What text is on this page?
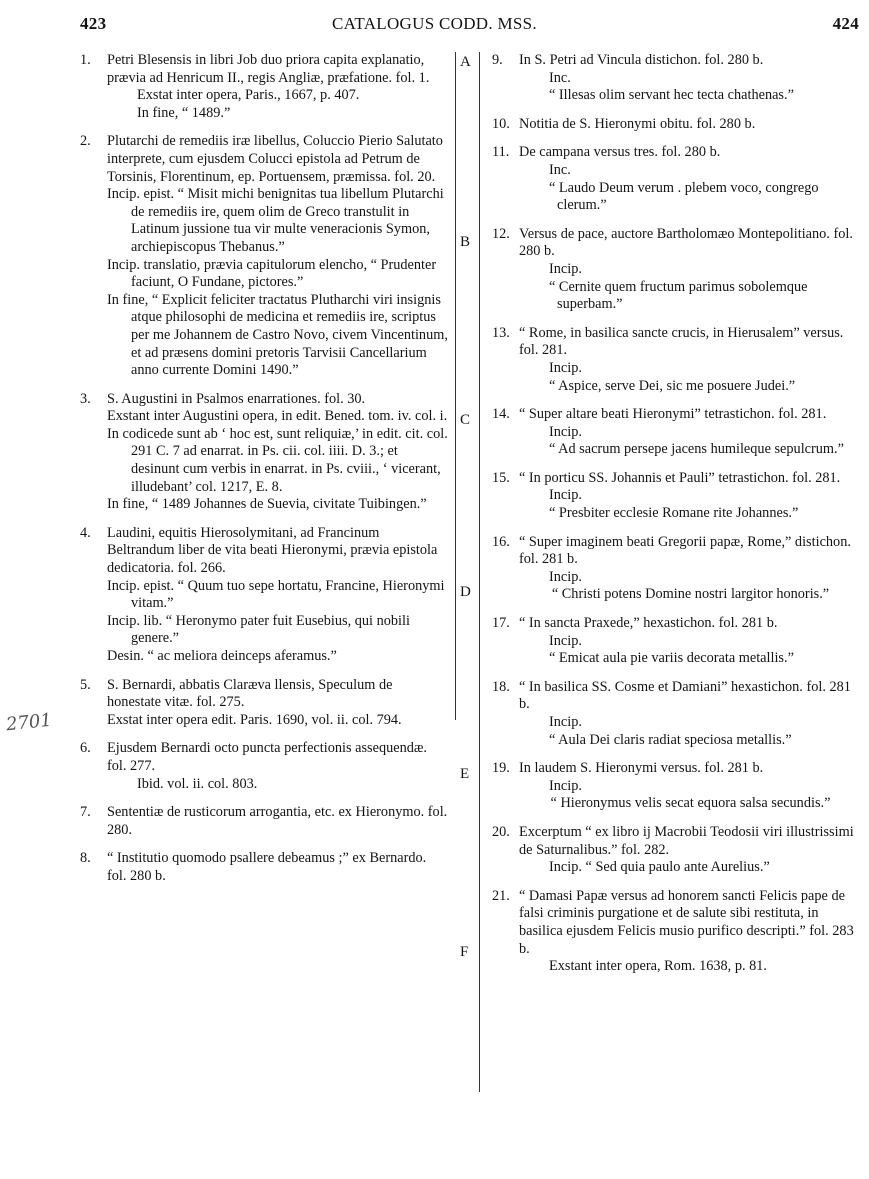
423	CATALOGUS CODD. MSS.	424
2701
1. Petri Blesensis in libri Job duo priora capita explanatio, prævia ad Henricum II., regis Angliæ, præfatione. fol. 1.

Exstat inter opera, Paris., 1667, p. 407.

In fine, “ 1489.”

2. Plutarchi de remediis iræ libellus, Coluccio Pierio Salutato interprete, cum ejusdem Colucci epistola ad Petrum de Torsinis, Florentinum, ep. Portuensem, præmissa. fol. 20.

Incip. epist. “ Misit michi benignitas tua libellum Plutarchi de remediis ire, quem olim de Greco transtulit in Latinum jussione tua vir multe veneracionis Symon, archiepiscopus Thebanus.”

Incip. translatio, prævia capitulorum elencho, “ Prudenter faciunt, O Fundane, pictores.”

In fine, “ Explicit feliciter tractatus Plutharchi viri insignis atque philosophi de medicina et remediis ire, scriptus per me Johannem de Castro Novo, civem Vincentinum, et ad præsens domini pretoris Tarvisii Cancellarium anno currente Domini 1490.”

3. S. Augustini in Psalmos enarrationes. fol. 30.

Exstant inter Augustini opera, in edit. Bened. tom. iv. col. i.

In codicede sunt ab ‘ hoc est, sunt reliquiæ,’ in edit. cit. col. 291 C. 7 ad enarrat. in Ps. cii. col. iiii. D. 3.; et desinunt cum verbis in enarrat. in Ps. cviii., ‘ vicerant, illudebant’ col. 1217, E. 8.

In fine, “ 1489 Johannes de Suevia, civitate Tuibingen.”

4. Laudini, equitis Hierosolymitani, ad Francinum Beltrandum liber de vita beati Hieronymi, prævia epistola dedicatoria. fol. 266.

Incip. epist. “ Quum tuo sepe hortatu, Francine, Hieronymi vitam.”

Incip. lib. “ Heronymo pater fuit Eusebius, qui nobili genere.”

Desin. “ ac meliora deinceps aferamus.”

5. S. Bernardi, abbatis Claræva llensis, Speculum de honestate vitæ. fol. 275.

Exstat inter opera edit. Paris. 1690, vol. ii. col. 794.

6. Ejusdem Bernardi octo puncta perfectionis assequendæ. fol. 277.

Ibid. vol. ii. col. 803.

7. Sententiæ de rusticorum arrogantia, etc. ex Hieronymo. fol. 280.

8. “ Institutio quomodo psallere debeamus ;” ex Bernardo. fol. 280 b.

9. In S. Petri ad Vincula distichon. fol. 280 b.

Inc.

“ Illesas olim servant hec tecta chathenas.”

10. Notitia de S. Hieronymi obitu. fol. 280 b.

11. De campana versus tres. fol. 280 b.

Inc.

“ Laudo Deum verum . plebem voco, congrego clerum.”

12. Versus de pace, auctore Bartholomæo Montepolitiano. fol. 280 b.

Incip.

“ Cernite quem fructum parimus sobolemque superbam.”

13. “ Rome, in basilica sancte crucis, in Hierusalem” versus. fol. 281.

Incip.

“ Aspice, serve Dei, sic me posuere Judei.”

14. “ Super altare beati Hieronymi” tetrastichon. fol. 281.

Incip.

“ Ad sacrum persepe jacens humileque sepulcrum.”

15. “ In porticu SS. Johannis et Pauli” tetrastichon. fol. 281.

Incip.

“ Presbiter ecclesie Romane rite Johannes.”

16. “ Super imaginem beati Gregorii papæ, Rome,” distichon. fol. 281 b.

Incip.

“ Christi potens Domine nostri largitor honoris.”

17. “ In sancta Praxede,” hexastichon. fol. 281 b.

Incip.

“ Emicat aula pie variis decorata metallis.”

18. “ In basilica SS. Cosme et Damiani” hexastichon. fol. 281 b.

Incip.

“ Aula Dei claris radiat speciosa metallis.”

19. In laudem S. Hieronymi versus. fol. 281 b.

Incip.

“ Hieronymus velis secat equora salsa secundis.”

20. Excerptum “ ex libro ij Macrobii Teodosii viri illustrissimi de Saturnalibus.” fol. 282.

Incip. “ Sed quia paulo ante Aurelius.”

21. “ Damasi Papæ versus ad honorem sancti Felicis pape de falsi criminis purgatione et de salute sibi restituta, in basilica ejusdem Felicis musio purifico descripti.” fol. 283 b.

Exstant inter opera, Rom. 1638, p. 81.

A
B
C
D
E
F
